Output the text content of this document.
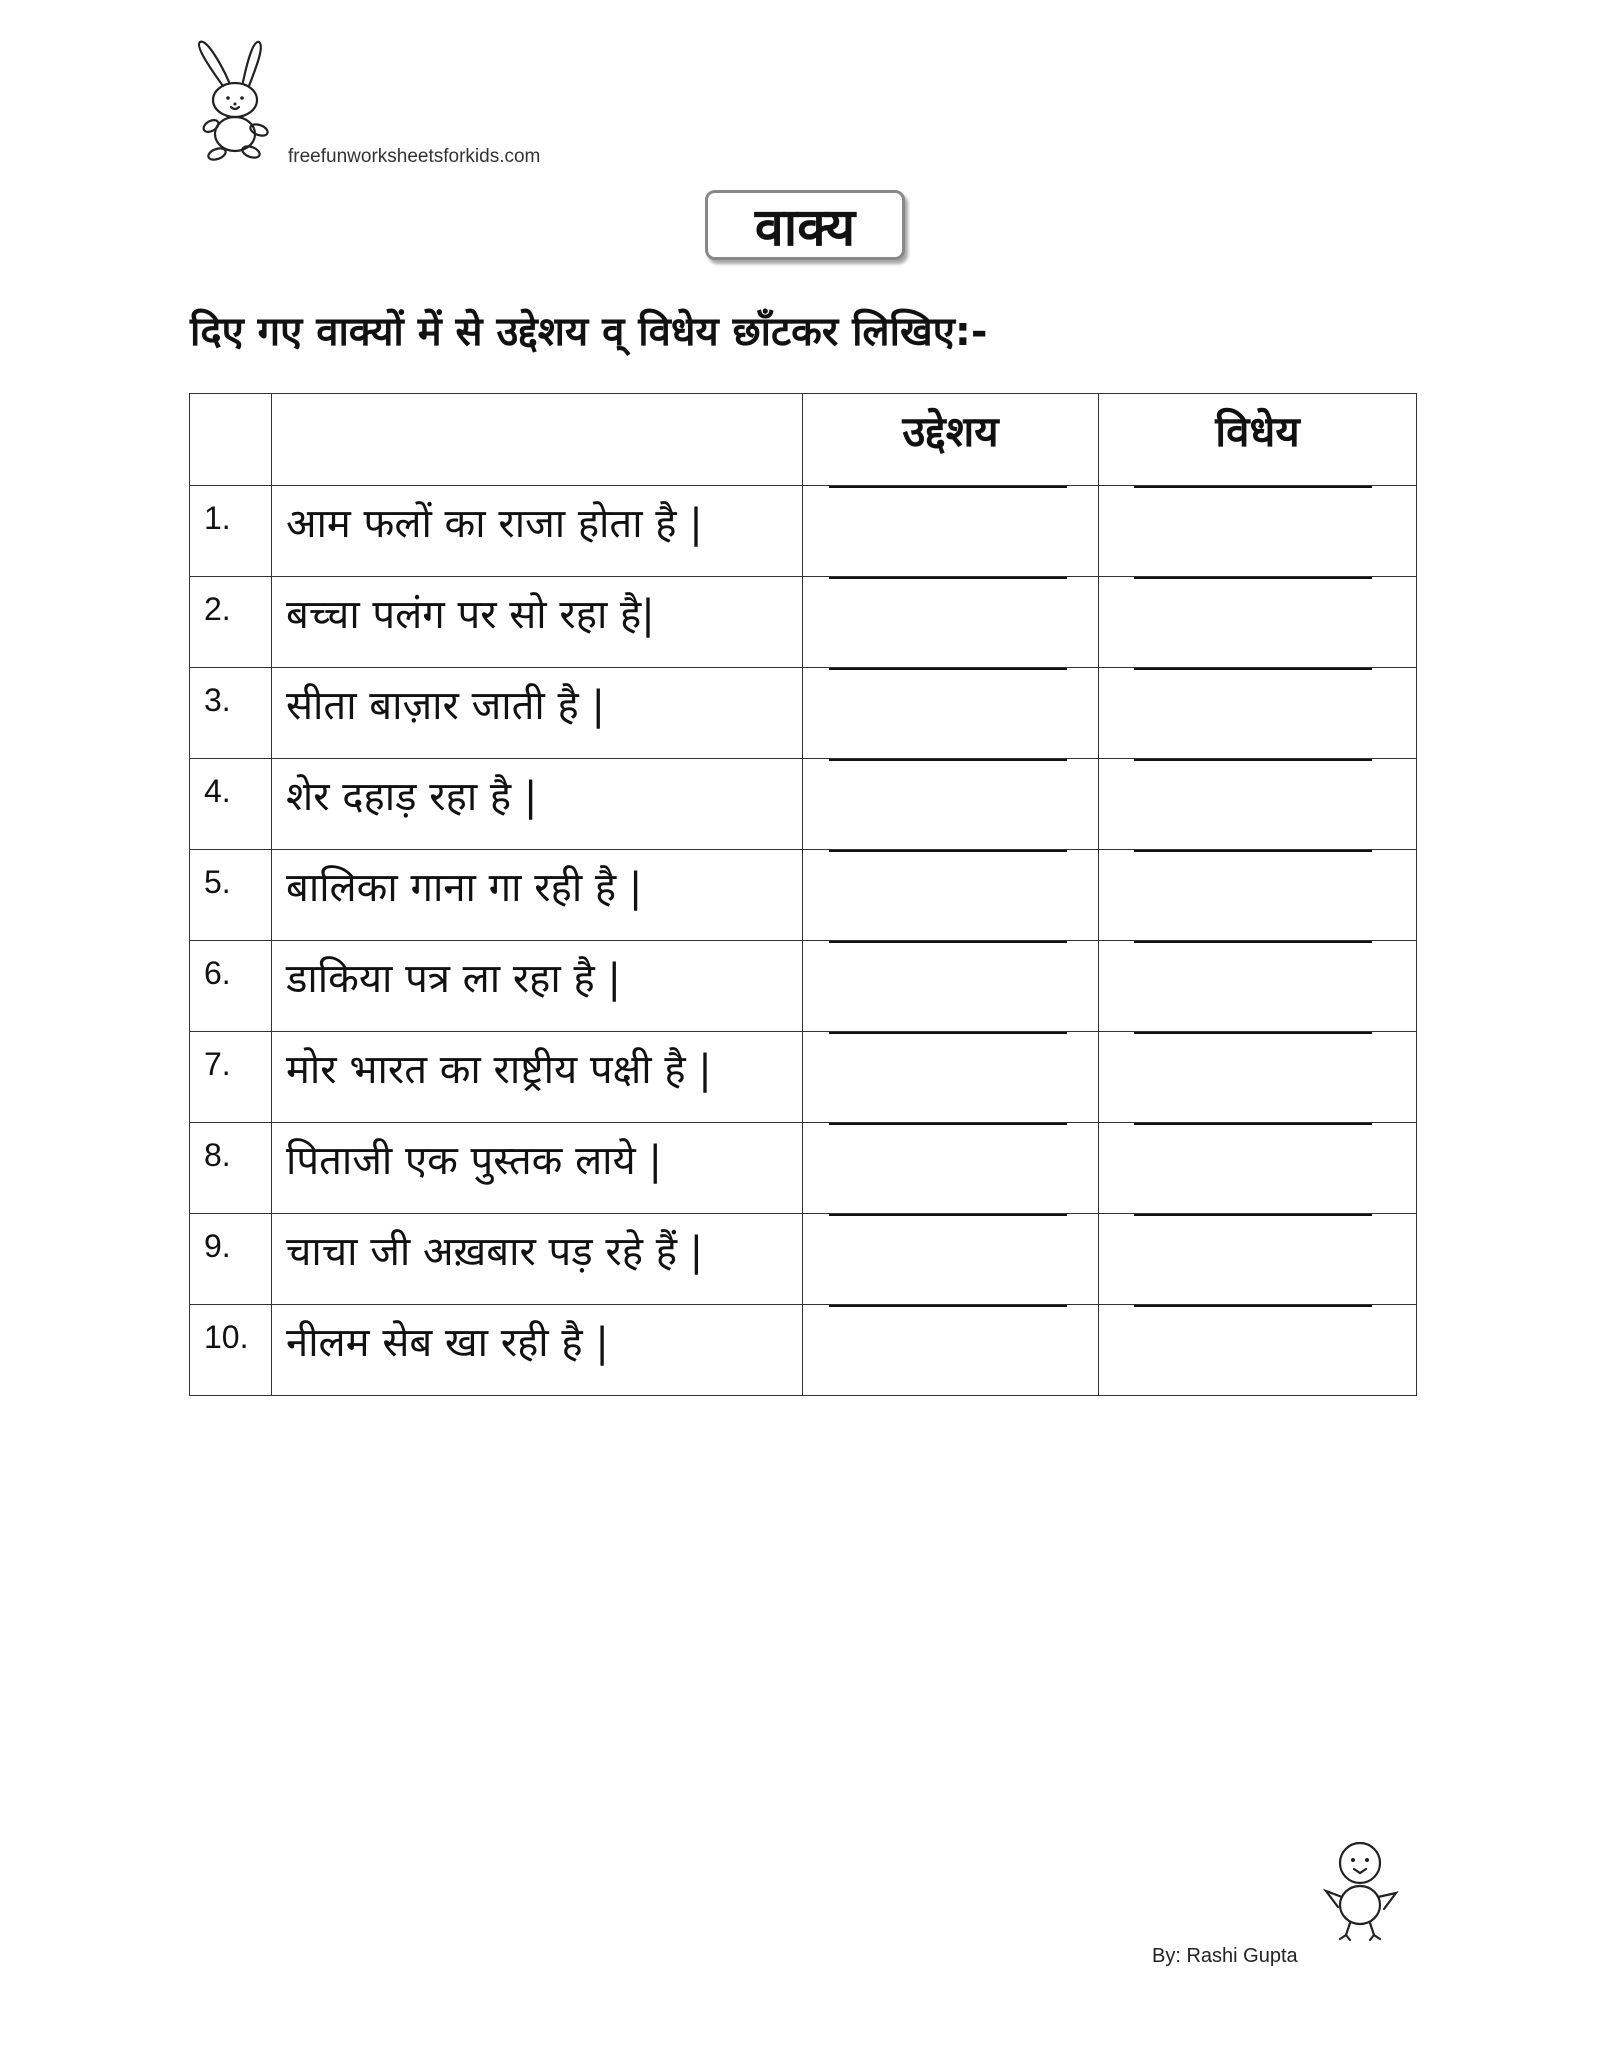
freefunworksheetsforkids.com
वाक्य
दिए गए वाक्यों में से उद्देशय व् विधेय छाँटकर लिखिए:-
		उद्देशय	विधेय
1.	आम फलों का राजा होता है |	

2.	बच्चा पलंग पर सो रहा है|	

3.	सीता बाज़ार जाती है |	

4.	शेर दहाड़ रहा है |	

5.	बालिका गाना गा रही है |	

6.	डाकिया पत्र ला रहा है |	

7.	मोर भारत का राष्ट्रीय पक्षी है |	

8.	पिताजी एक पुस्तक लाये |	

9.	चाचा जी अख़बार पड़ रहे हैं |	

10.	नीलम सेब खा रही है |	

By: Rashi Gupta
